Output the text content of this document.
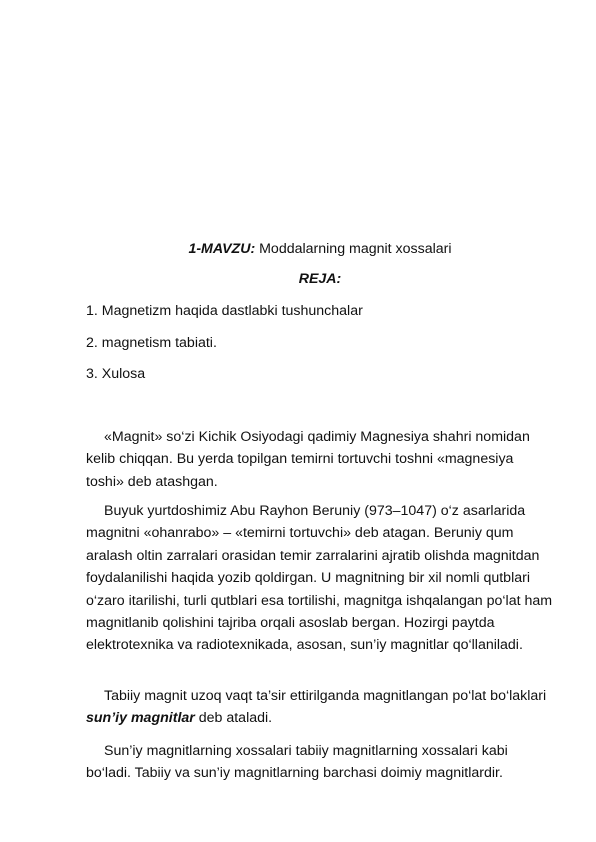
1-MAVZU: Moddalarning magnit xossalari
REJA:
1. Magnetizm haqida dastlabki tushunchalar
2. magnetism tabiati.
3. Xulosa

«Magnit» so‘zi Kichik Osiyodagi qadimiy Magnesiya shahri nomidan kelib chiqqan. Bu yerda topilgan temirni tortuvchi toshni «magnesiya toshi» deb atashgan.

Buyuk yurtdoshimiz Abu Rayhon Beruniy (973–1047) o‘z asarlarida magnitni «ohanrabo» – «temirni tortuvchi» deb atagan. Beruniy qum aralash oltin zarralari orasidan temir zarralarini ajratib olishda magnitdan foydalanilishi haqida yozib qoldirgan. U magnitning bir xil nomli qutblari o‘zaro itarilishi, turli qutblari esa tortilishi, magnitga ishqalangan po‘lat ham magnitlanib qolishini tajriba orqali asoslab bergan. Hozirgi paytda elektrotexnika va radiotexnikada, asosan, sun’iy magnitlar qo‘llaniladi.

Tabiiy magnit uzoq vaqt ta’sir ettirilganda magnitlangan po‘lat bo‘laklari sun’iy magnitlar deb ataladi.

Sun’iy magnitlarning xossalari tabiiy magnitlarning xossalari kabi bo‘ladi. Tabiiy va sun’iy magnitlarning barchasi doimiy magnitlardir.
